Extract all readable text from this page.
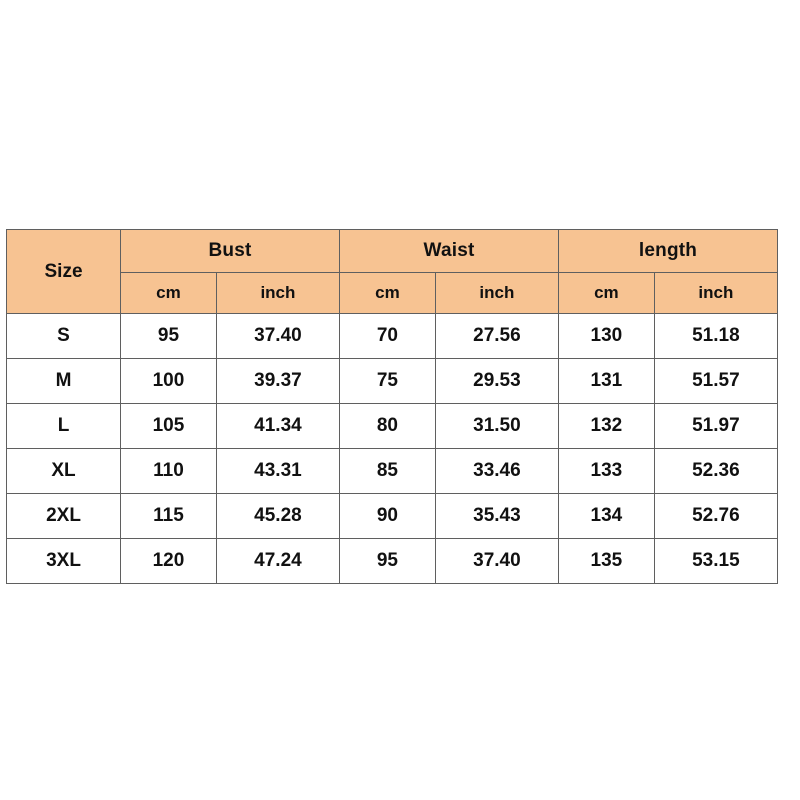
Size	Bust		Waist		length	
	cm	inch	cm	inch	cm	inch
S	95	37.40	70	27.56	130	51.18
M	100	39.37	75	29.53	131	51.57
L	105	41.34	80	31.50	132	51.97
XL	110	43.31	85	33.46	133	52.36
2XL	115	45.28	90	35.43	134	52.76
3XL	120	47.24	95	37.40	135	53.15
